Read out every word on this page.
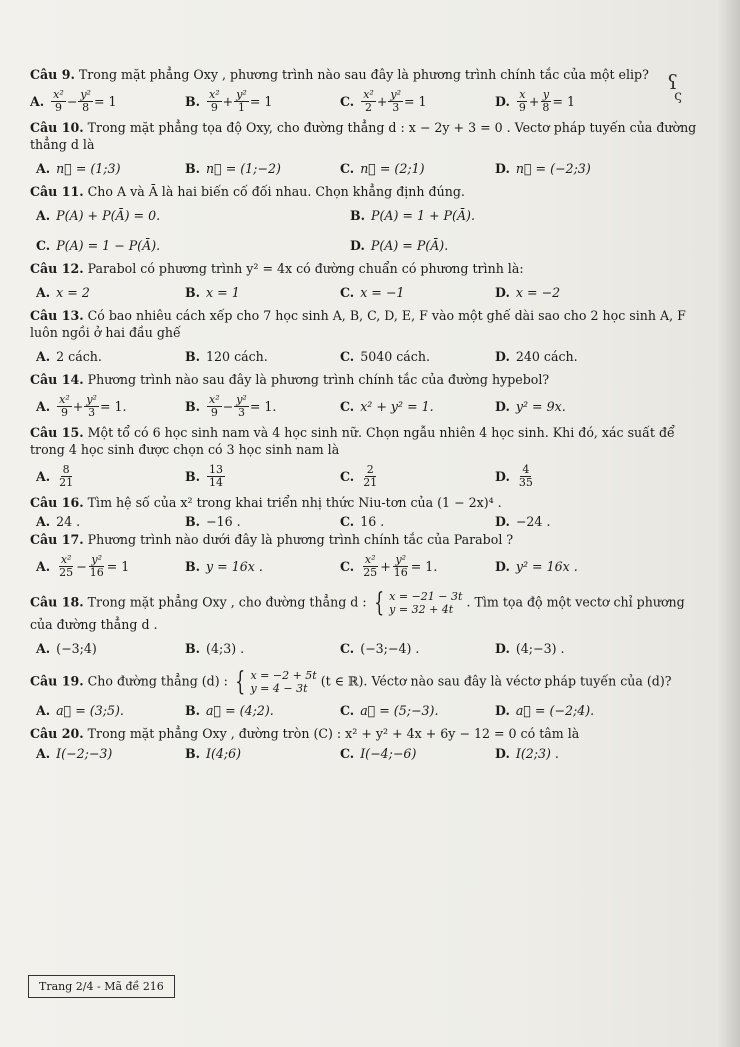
ʕ
ς

Câu 9. Trong mặt phẳng Oxy , phương trình nào sau đây là phương trình chính tắc của một elip?

A. $\frac{\text{x²}}{9} - \frac{\text{y²}}{8} = 1$	B. $\frac{\text{x²}}{9} + \frac{\text{y²}}{1} = 1$	C. $\frac{\text{x²}}{2} + \frac{\text{y²}}{3} = 1$	D. $\frac{x}{9} + \frac{y}{8} = 1$

Câu 10. Trong mặt phẳng tọa độ Oxy, cho đường thẳng d : x − 2y + 3 = 0 . Vectơ pháp tuyến của đường thẳng d là

A. n⃗ = (1;3)	B. n⃗ = (1;−2)	C. n⃗ = (2;1)	D. n⃗ = (−2;3)

Câu 11. Cho A và Ā là hai biến cố đối nhau. Chọn khẳng định đúng.

A. P(A) + P(Ā) = 0.	B. P(A) = 1 + P(Ā).
C. P(A) = 1 − P(Ā).	D. P(A) = P(Ā).

Câu 12. Parabol có phương trình y² = 4x có đường chuẩn có phương trình là:

A. x = 2	B. x = 1	C. x = −1	D. x = −2

Câu 13. Có bao nhiêu cách xếp cho 7 học sinh A, B, C, D, E, F vào một ghế dài sao cho 2 học sinh A, F luôn ngồi ở hai đầu ghế

A. 2 cách.	B. 120 cách.	C. 5040 cách.	D. 240 cách.

Câu 14. Phương trình nào sau đây là phương trình chính tắc của đường hypebol?

A. $\frac{\text{x²}}{9} + \frac{\text{y²}}{3} = 1$.	B. $\frac{\text{x²}}{9} - \frac{\text{y²}}{3} = 1$.	C. x² + y² = 1.	D. y² = 9x.

Câu 15. Một tổ có 6 học sinh nam và 4 học sinh nữ. Chọn ngẫu nhiên 4 học sinh. Khi đó, xác suất để trong 4 học sinh được chọn có 3 học sinh nam là

A. $\frac{8}{21}$	B. $\frac{13}{14}$	C. $\frac{2}{21}$	D. $\frac{4}{35}$

Câu 16. Tìm hệ số của x² trong khai triển nhị thức Niu-tơn của (1 − 2x)⁴ .

A. 24 .	B. −16 .	C. 16 .	D. −24 .

Câu 17. Phương trình nào dưới đây là phương trình chính tắc của Parabol ?

A. $\frac{\text{x²}}{25} - \frac{\text{y²}}{16} = 1$	B. y = 16x .	C. $\frac{\text{x²}}{25} + \frac{\text{y²}}{16} = 1$.	D. y² = 16x .

Câu 18. Trong mặt phẳng Oxy , cho đường thẳng d : { x = −21 − 3t
y = 32 + 4t	. Tìm tọa độ một vectơ chỉ phương của đường thẳng d .

A. (−3;4)	B. (4;3) .	C. (−3;−4) .	D. (4;−3) .

Câu 19. Cho đường thẳng (d) : { x = −2 + 5t
y = 4 − 3t	(t ∈ ℝ). Véctơ nào sau đây là véctơ pháp tuyến của (d)?

A. a⃗ = (3;5).	B. a⃗ = (4;2).	C. a⃗ = (5;−3).	D. a⃗ = (−2;4).

Câu 20. Trong mặt phẳng Oxy , đường tròn (C) : x² + y² + 4x + 6y − 12 = 0 có tâm là

A. I(−2;−3)	B. I(4;6)	C. I(−4;−6)	D. I(2;3) .
Trang 2/4 - Mã đề 216
